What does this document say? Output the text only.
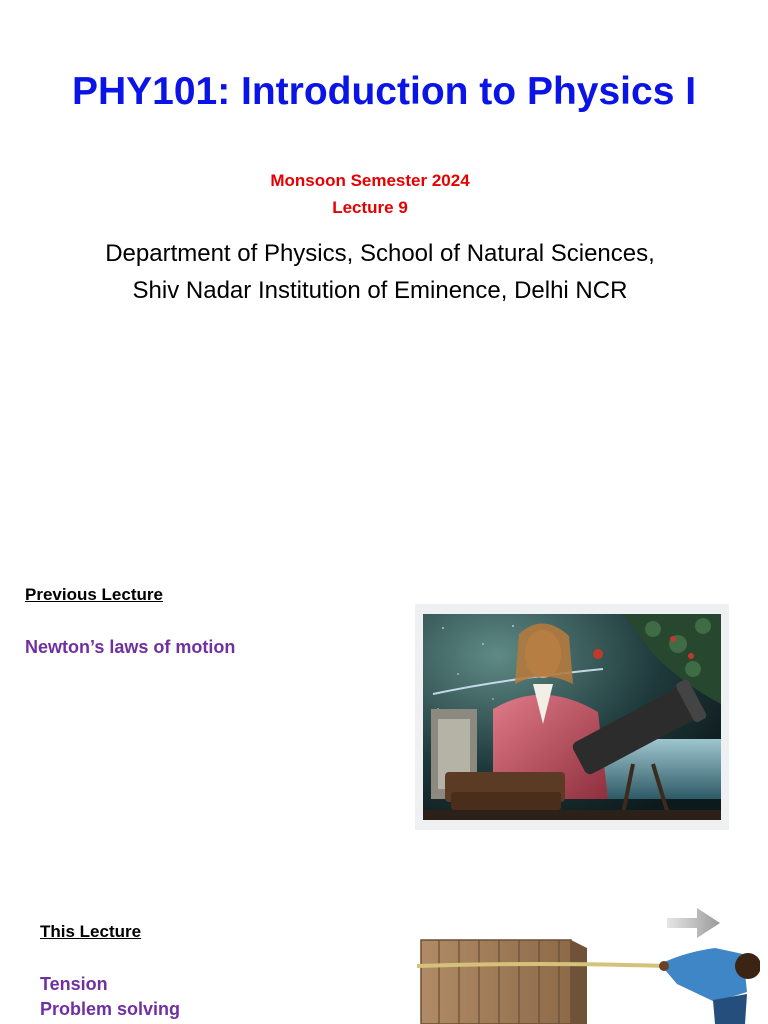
PHY101: Introduction to Physics I

Monsoon Semester 2024

Lecture 9

Department of Physics, School of Natural Sciences,

Shiv Nadar Institution of Eminence, Delhi NCR

Previous Lecture

Newton’s laws of motion

This Lecture

Tension
Problem solving
